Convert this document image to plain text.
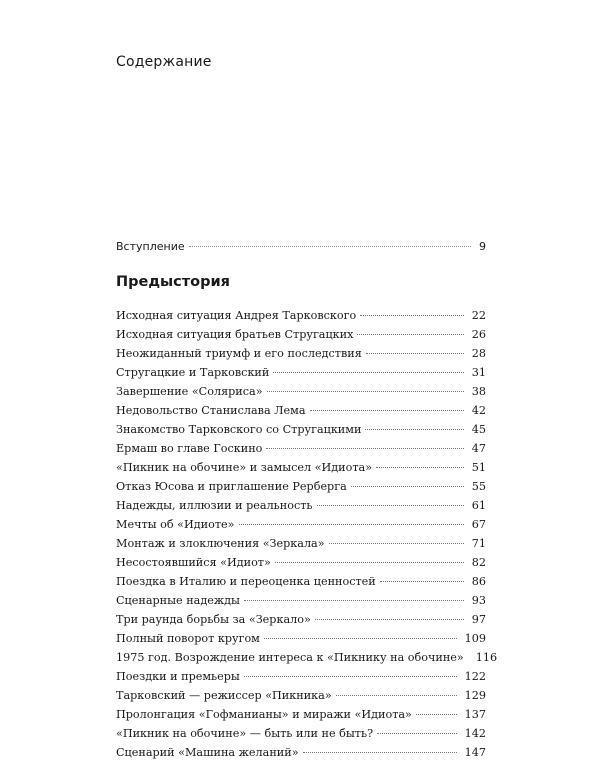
Содержание
Вступление	9
Предыстория
Исходная ситуация Андрея Тарковского	22
Исходная ситуация братьев Стругацких	26
Неожиданный триумф и его последствия	28
Стругацкие и Тарковский	31
Завершение «Соляриса»	38
Недовольство Станислава Лема	42
Знакомство Тарковского со Стругацкими	45
Ермаш во главе Госкино	47
«Пикник на обочине» и замысел «Идиота»	51
Отказ Юсова и приглашение Рерберга	55
Надежды, иллюзии и реальность	61
Мечты об «Идиоте»	67
Монтаж и злоключения «Зеркала»	71
Несостоявшийся «Идиот»	82
Поездка в Италию и переоценка ценностей	86
Сценарные надежды	93
Три раунда борьбы за «Зеркало»	97
Полный поворот кругом	109
1975 год. Возрождение интереса к «Пикнику на обочине»	116
Поездки и премьеры	122
Тарковский — режиссер «Пикника»	129
Пролонгация «Гофманианы» и миражи «Идиота»	137
«Пикник на обочине» — быть или не быть?	142
Сценарий «Машина желаний»	147
